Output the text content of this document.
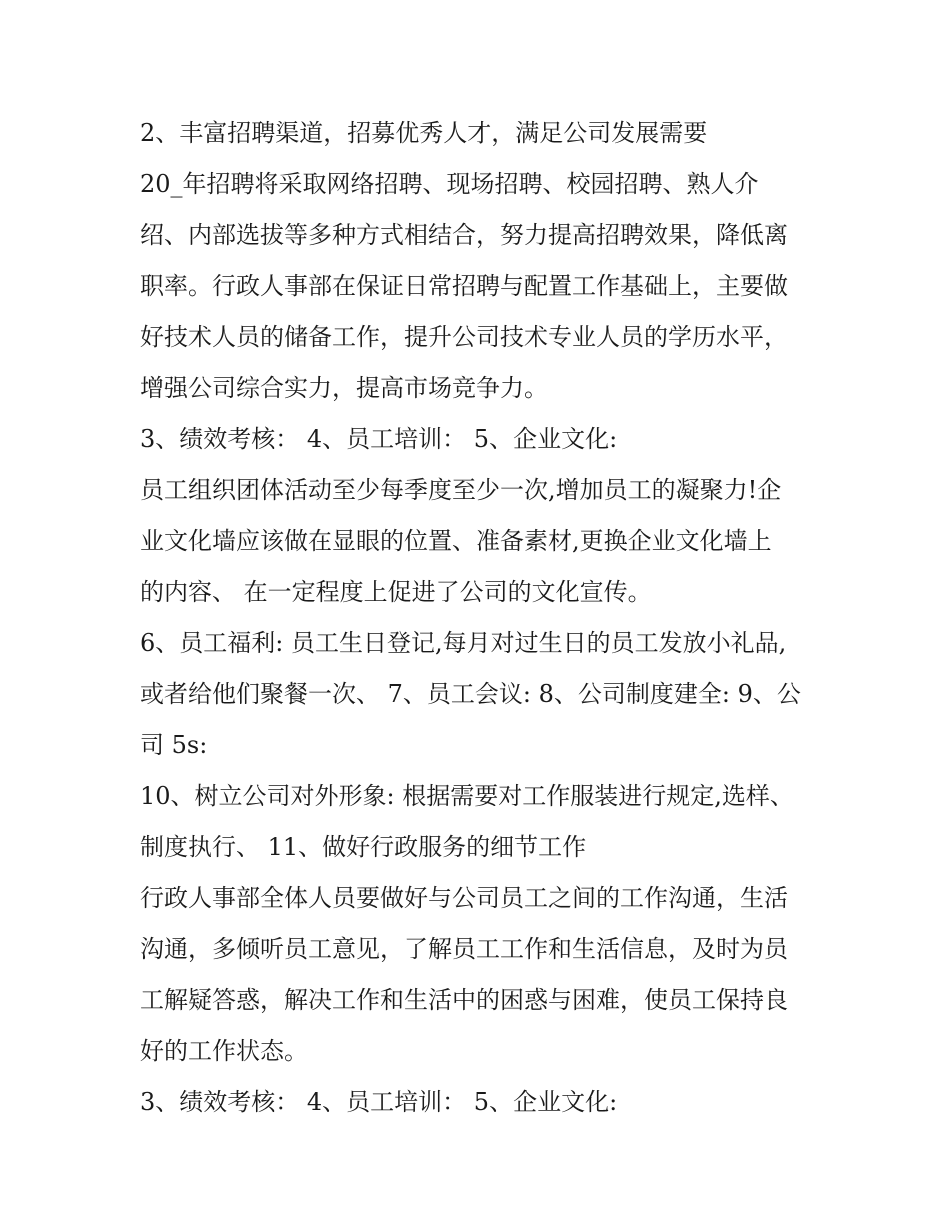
2、丰富招聘渠道，招募优秀人才，满足公司发展需要
20_年招聘将采取网络招聘、现场招聘、校园招聘、熟人介
绍、内部选拔等多种方式相结合，努力提高招聘效果，降低离
职率。行政人事部在保证日常招聘与配置工作基础上，主要做
好技术人员的储备工作，提升公司技术专业人员的学历水平，
增强公司综合实力，提高市场竞争力。
3、绩效考核： 4、员工培训： 5、企业文化:
员工组织团体活动至少每季度至少一次,增加员工的凝聚力!企
业文化墙应该做在显眼的位置、准备素材,更换企业文化墙上
的内容、 在一定程度上促进了公司的文化宣传。
6、员工福利: 员工生日登记,每月对过生日的员工发放小礼品,
或者给他们聚餐一次、 7、员工会议: 8、公司制度建全: 9、公
司 5s:
10、树立公司对外形象: 根据需要对工作服装进行规定,选样、
制度执行、 11、做好行政服务的细节工作
行政人事部全体人员要做好与公司员工之间的工作沟通，生活
沟通，多倾听员工意见，了解员工工作和生活信息，及时为员
工解疑答惑，解决工作和生活中的困惑与困难，使员工保持良
好的工作状态。
3、绩效考核： 4、员工培训： 5、企业文化:
